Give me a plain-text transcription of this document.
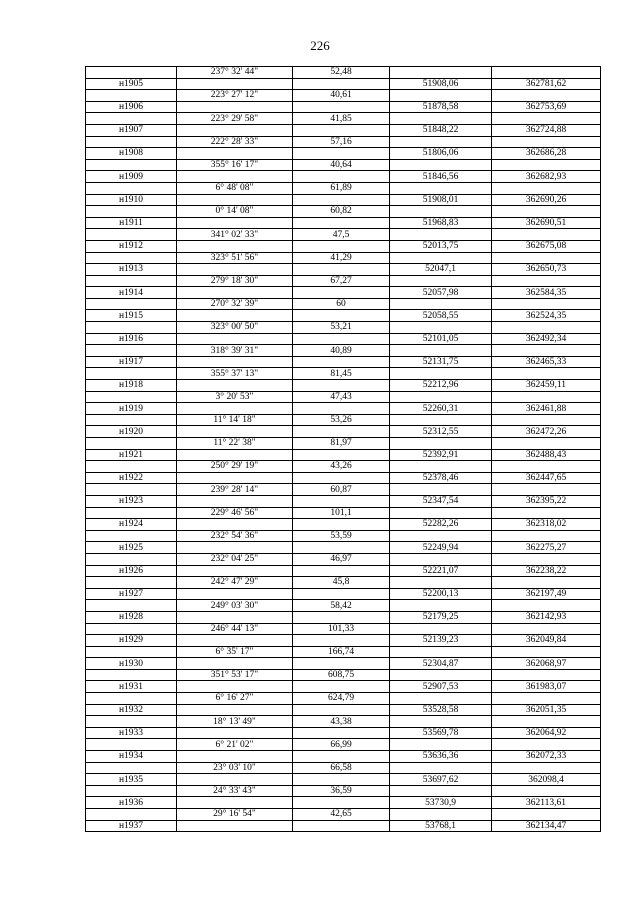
226
	237° 32' 44"	52,48		
н1905			51908,06	362781,62
	223° 27' 12"	40,61		
н1906			51878,58	362753,69
	223° 29' 58"	41,85		
н1907			51848,22	362724,88
	222° 28' 33"	57,16		
н1908			51806,06	362686,28
	355° 16' 17"	40,64		
н1909			51846,56	362682,93
	6° 48' 08"	61,89		
н1910			51908,01	362690,26
	0° 14' 08"	60,82		
н1911			51968,83	362690,51
	341° 02' 33"	47,5		
н1912			52013,75	362675,08
	323° 51' 56"	41,29		
н1913			52047,1	362650,73
	279° 18' 30"	67,27		
н1914			52057,98	362584,35
	270° 32' 39"	60		
н1915			52058,55	362524,35
	323° 00' 50"	53,21		
н1916			52101,05	362492,34
	318° 39' 31"	40,89		
н1917			52131,75	362465,33
	355° 37' 13"	81,45		
н1918			52212,96	362459,11
	3° 20' 53"	47,43		
н1919			52260,31	362461,88
	11° 14' 18"	53,26		
н1920			52312,55	362472,26
	11° 22' 38"	81,97		
н1921			52392,91	362488,43
	250° 29' 19"	43,26		
н1922			52378,46	362447,65
	239° 28' 14"	60,87		
н1923			52347,54	362395,22
	229° 46' 56"	101,1		
н1924			52282,26	362318,02
	232° 54' 36"	53,59		
н1925			52249,94	362275,27
	232° 04' 25"	46,97		
н1926			52221,07	362238,22
	242° 47' 29"	45,8		
н1927			52200,13	362197,49
	249° 03' 30"	58,42		
н1928			52179,25	362142,93
	246° 44' 13"	101,33		
н1929			52139,23	362049,84
	6° 35' 17"	166,74		
н1930			52304,87	362068,97
	351° 53' 17"	608,75		
н1931			52907,53	361983,07
	6° 16' 27"	624,79		
н1932			53528,58	362051,35
	18° 13' 49"	43,38		
н1933			53569,78	362064,92
	6° 21' 02"	66,99		
н1934			53636,36	362072,33
	23° 03' 10"	66,58		
н1935			53697,62	362098,4
	24° 33' 43"	36,59		
н1936			53730,9	362113,61
	29° 16' 54"	42,65		
н1937			53768,1	362134,47
